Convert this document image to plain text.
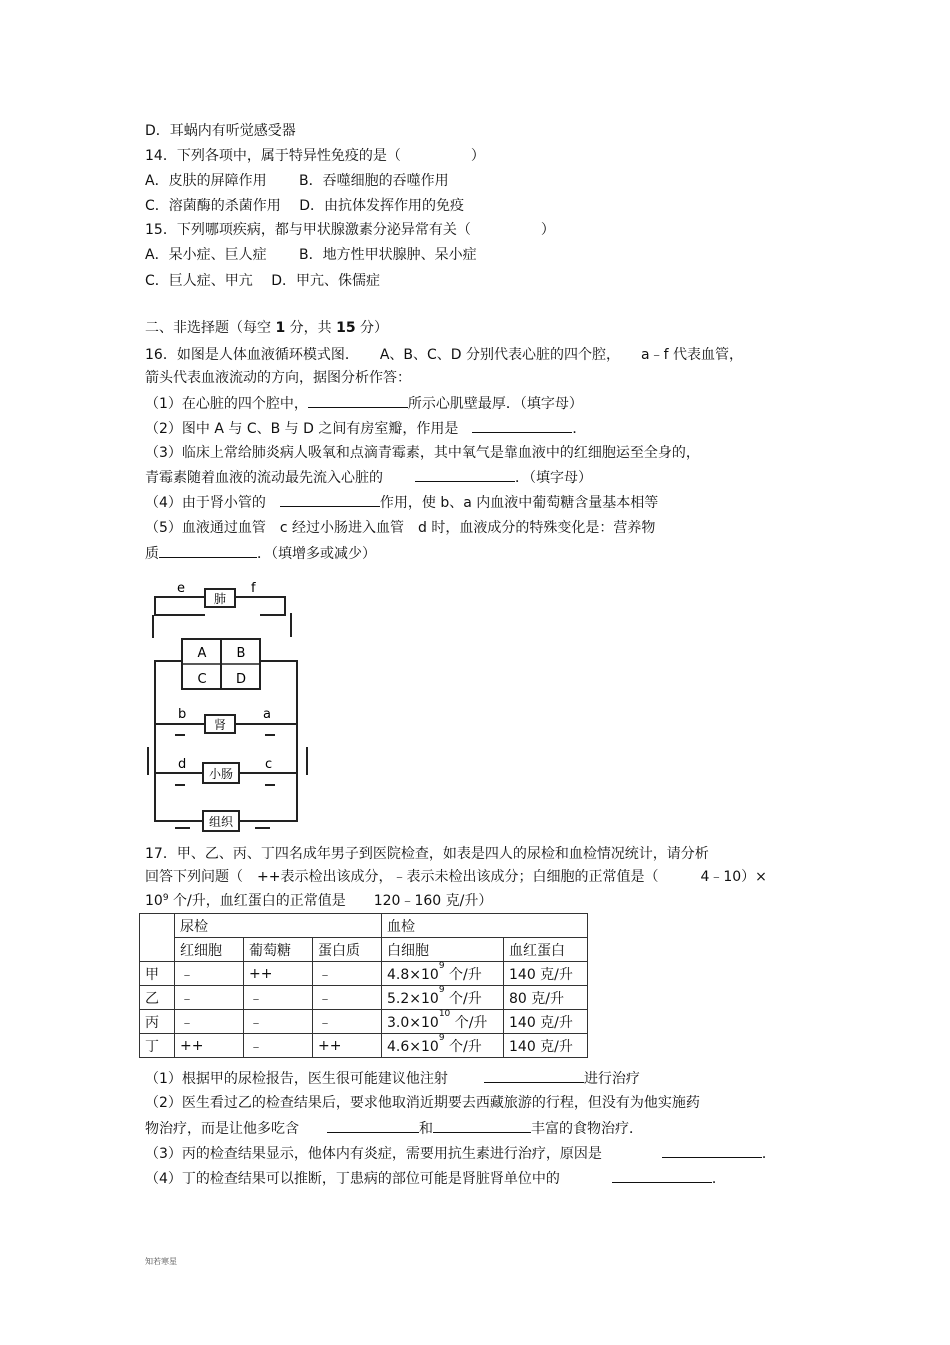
D．耳蜗内有听觉感受器
14．下列各项中，属于特异性免疫的是（　　　　　）
A．皮肤的屏障作用　　 B．吞噬细胞的吞噬作用
C．溶菌酶的杀菌作用　 D．由抗体发挥作用的免疫
15．下列哪项疾病，都与甲状腺激素分泌异常有关（　　　　　）
A．呆小症、巨人症　　 B．地方性甲状腺肿、呆小症
C．巨人症、甲亢　 D．甲亢、侏儒症
二、非选择题（每空 1 分，共 15 分）
16．如图是人体血液循环模式图．　　A、B、C、D 分别代表心脏的四个腔，　　a﹣f 代表血管，
箭头代表血液流动的方向，据图分析作答：
（1）在心脏的四个腔中，	所示心肌壁最厚．（填字母）
（2）图中 A 与 C、B 与 D 之间有房室瓣，作用是	．
（3）临床上常给肺炎病人吸氧和点滴青霉素，其中氧气是靠血液中的红细胞运至全身的，
青霉素随着血液的流动最先流入心脏的	．（填字母）
（4）由于肾小管的	作用，使 b、a 内血液中葡萄糖含量基本相等
（5）血液通过血管　c 经过小肠进入血管　d 时，血液成分的特殊变化是：营养物
质	．（填增多或减少）
肺
A B
C D
肾
小肠
组织
e	f
b	a
d	c
17．甲、乙、丙、丁四名成年男子到医院检查，如表是四人的尿检和血检情况统计，请分析
回答下列问题（　++表示检出该成分，﹣表示未检出该成分；白细胞的正常值是（　　　4﹣10）×
$10^9$ 个/升，血红蛋白的正常值是　　120﹣160 克/升）
	尿检			血检	
	红细胞	葡萄糖	蛋白质	白细胞	血红蛋白
甲	﹣	++	﹣	$4.8\times 10^9$ 个/升	140 克/升
乙	﹣	﹣	﹣	$5.2\times 10^9$ 个/升	80 克/升
丙	﹣	﹣	﹣	$3.0\times 10^{10}$ 个/升	140 克/升
丁	++	﹣	++	$4.6\times 10^9$ 个/升	140 克/升
（1）根据甲的尿检报告，医生很可能建议他注射	进行治疗
（2）医生看过乙的检查结果后，要求他取消近期要去西藏旅游的行程，但没有为他实施药
物治疗，而是让他多吃含	和	丰富的食物治疗．
（3）丙的检查结果显示，他体内有炎症，需要用抗生素进行治疗，原因是	．
（4）丁的检查结果可以推断，丁患病的部位可能是肾脏肾单位中的	．
知若寒星
